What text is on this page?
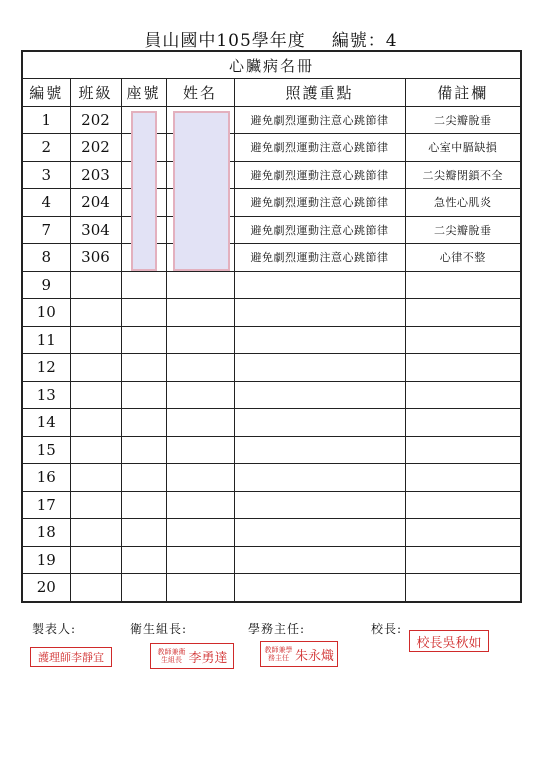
員山國中105學年度 編號：4
心臟病名冊					
編號	班級	座號	姓名	照護重點	備註欄
1	202			避免劇烈運動注意心跳節律	二尖瓣脫垂
2	202			避免劇烈運動注意心跳節律	心室中膈缺損
3	203			避免劇烈運動注意心跳節律	二尖瓣閉鎖不全
4	204			避免劇烈運動注意心跳節律	急性心肌炎
7	304			避免劇烈運動注意心跳節律	二尖瓣脫垂
8	306			避免劇烈運動注意心跳節律	心律不整
9					
10					
11					
12					
13					
14					
15					
16					
17					
18					
19					
20					
製表人:	衛生組長:	學務主任:	校長:
護理師李靜宜	教師兼衛生組長 李勇達
教師兼學務主任 朱永熾
校長吳秋如
